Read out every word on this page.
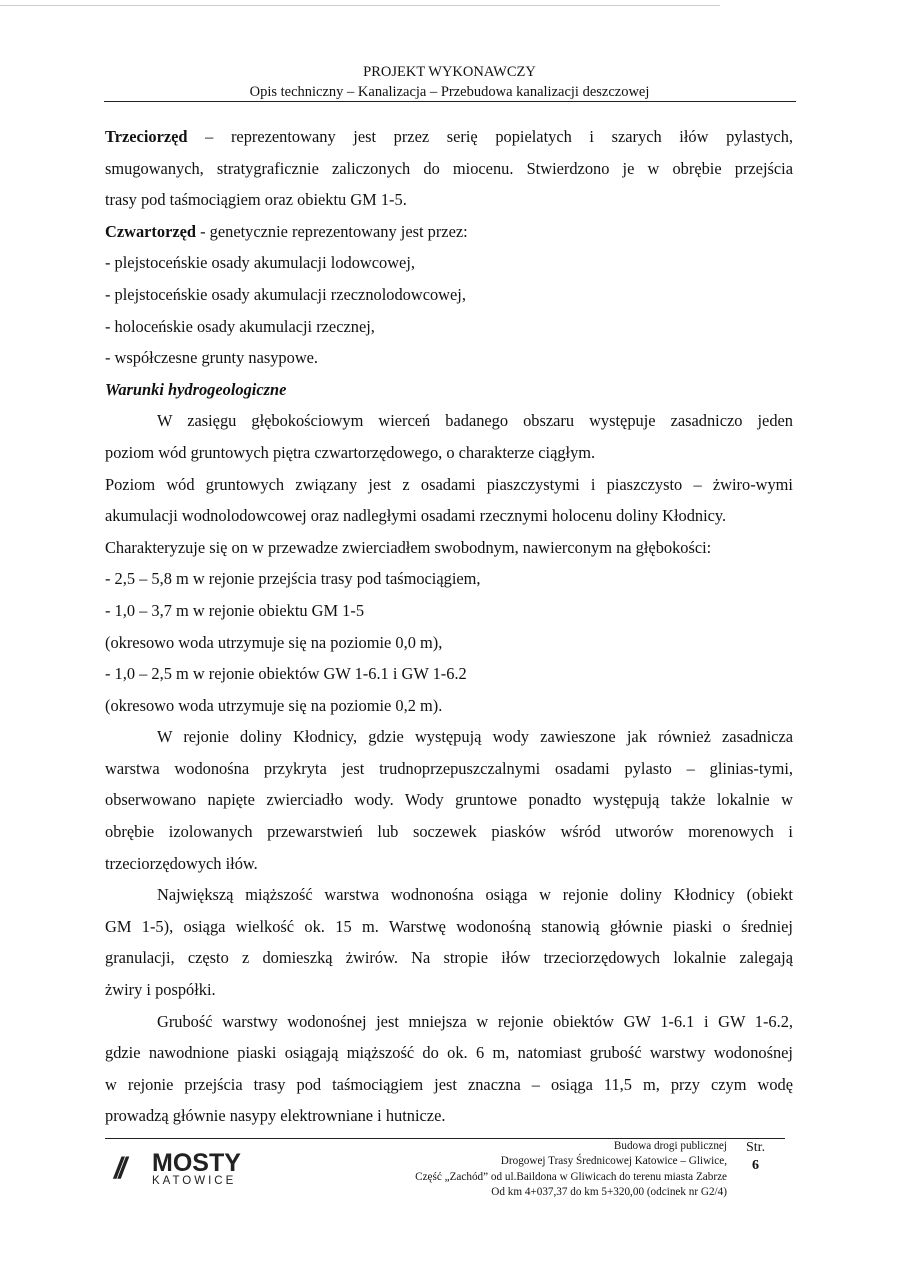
PROJEKT WYKONAWCZY
Opis techniczny – Kanalizacja – Przebudowa kanalizacji deszczowej
Trzeciorzęd – reprezentowany jest przez serię popielatych i szarych iłów pylastych,
smugowanych, stratygraficznie zaliczonych do miocenu. Stwierdzono je w obrębie przejścia
trasy pod taśmociągiem oraz obiektu GM 1-5.
Czwartorzęd - genetycznie reprezentowany jest przez:
- plejstoceńskie osady akumulacji lodowcowej,
- plejstoceńskie osady akumulacji rzecznolodowcowej,
- holoceńskie osady akumulacji rzecznej,
- współczesne grunty nasypowe.
Warunki hydrogeologiczne
W zasięgu głębokościowym wierceń badanego obszaru występuje zasadniczo jeden
poziom wód gruntowych piętra czwartorzędowego, o charakterze ciągłym.
Poziom wód gruntowych związany jest z osadami piaszczystymi i piaszczysto – żwiro-wymi
akumulacji wodnolodowcowej oraz nadległymi osadami rzecznymi holocenu doliny Kłodnicy.
Charakteryzuje się on w przewadze zwierciadłem swobodnym, nawierconym na głębokości:
- 2,5 – 5,8 m w rejonie przejścia trasy pod taśmociągiem,
- 1,0 – 3,7 m w rejonie obiektu GM 1-5
(okresowo woda utrzymuje się na poziomie 0,0 m),
- 1,0 – 2,5 m w rejonie obiektów GW 1-6.1 i GW 1-6.2
(okresowo woda utrzymuje się na poziomie 0,2 m).
W rejonie doliny Kłodnicy, gdzie występują wody zawieszone jak również zasadnicza
warstwa wodonośna przykryta jest trudnoprzepuszczalnymi osadami pylasto – glinias-tymi,
obserwowano napięte zwierciadło wody. Wody gruntowe ponadto występują także lokalnie w
obrębie izolowanych przewarstwień lub soczewek piasków wśród utworów morenowych i
trzeciorzędowych iłów.
Największą miąższość warstwa wodnonośna osiąga w rejonie doliny Kłodnicy (obiekt
GM 1-5), osiąga wielkość ok. 15 m. Warstwę wodonośną stanowią głównie piaski o średniej
granulacji, często z domieszką żwirów. Na stropie iłów trzeciorzędowych lokalnie zalegają
żwiry i pospółki.
Grubość warstwy wodonośnej jest mniejsza w rejonie obiektów GW 1-6.1 i GW 1-6.2,
gdzie nawodnione piaski osiągają miąższość do ok. 6 m, natomiast grubość warstwy wodonośnej
w rejonie przejścia trasy pod taśmociągiem jest znaczna – osiąga 11,5 m, przy czym wodę
prowadzą głównie nasypy elektrowniane i hutnicze.
// MOSTY
KATOWICE
Budowa drogi publicznej
Drogowej Trasy Średnicowej Katowice – Gliwice,
Część „Zachód” od ul.Baildona w Gliwicach do terenu miasta Zabrze
Od km 4+037,37 do km 5+320,00 (odcinek nr G2/4)
Str.
6
